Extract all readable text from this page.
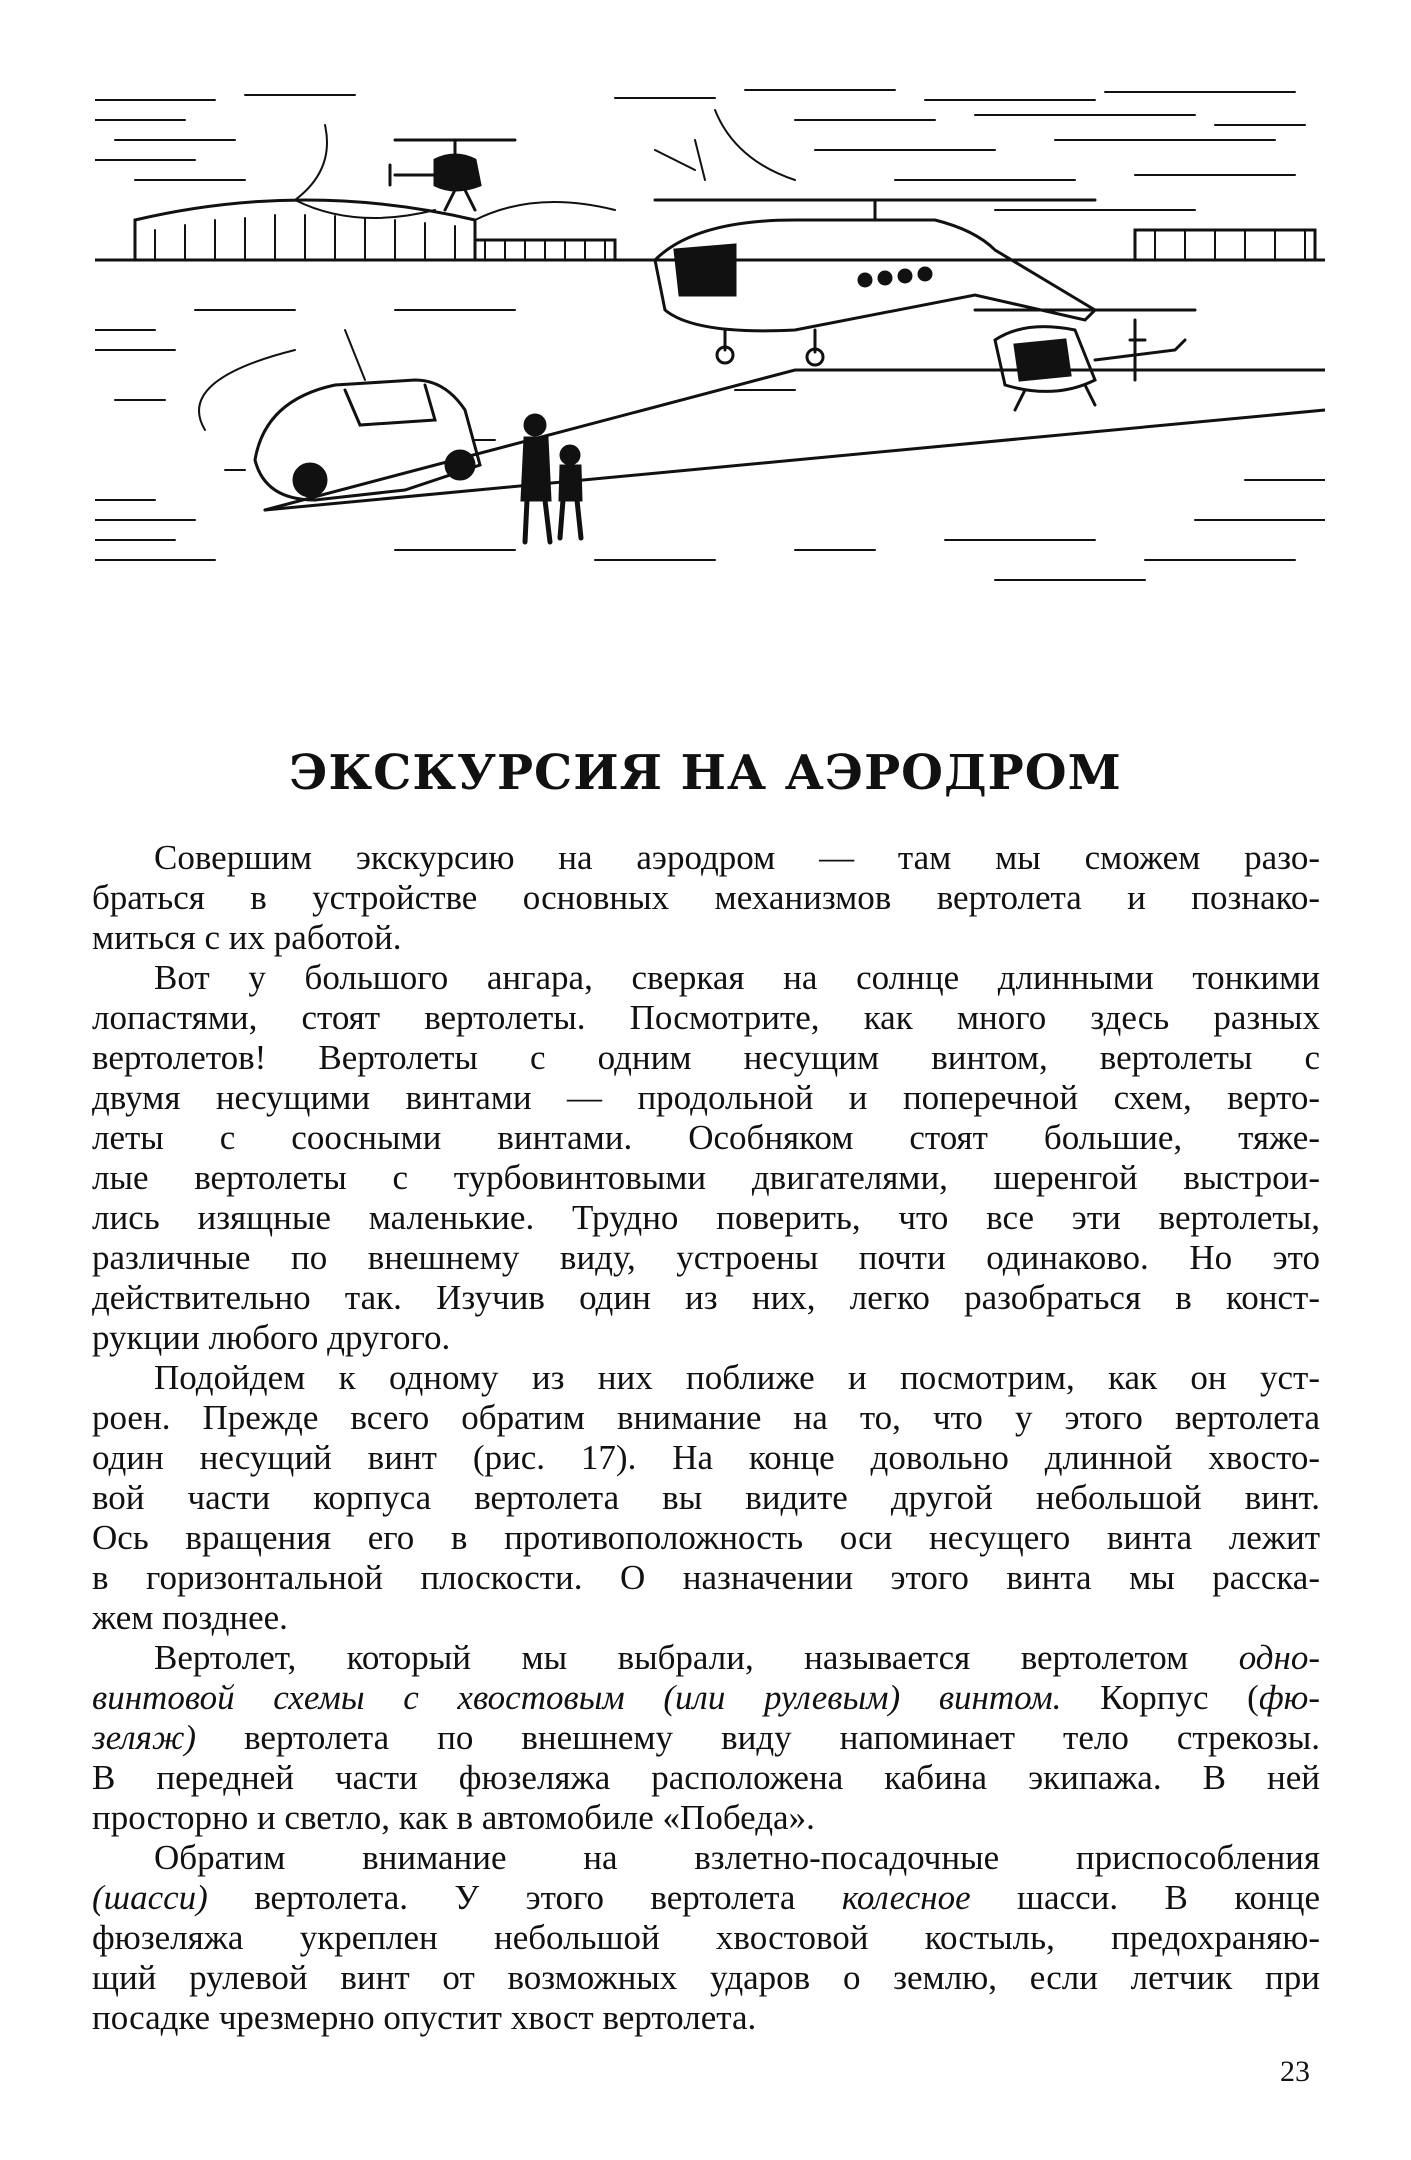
ЭКСКУРСИЯ НА АЭРОДРОМ
Совершим экскурсию на аэродром — там мы сможем разо-
браться в устройстве основных механизмов вертолета и познако-
миться с их работой.
Вот у большого ангара, сверкая на солнце длинными тонкими
лопастями, стоят вертолеты. Посмотрите, как много здесь разных
вертолетов! Вертолеты с одним несущим винтом, вертолеты с
двумя несущими винтами — продольной и поперечной схем, верто-
леты с соосными винтами. Особняком стоят большие, тяже-
лые вертолеты с турбовинтовыми двигателями, шеренгой выстрои-
лись изящные маленькие. Трудно поверить, что все эти вертолеты,
различные по внешнему виду, устроены почти одинаково. Но это
действительно так. Изучив один из них, легко разобраться в конст-
рукции любого другого.
Подойдем к одному из них поближе и посмотрим, как он уст-
роен. Прежде всего обратим внимание на то, что у этого вертолета
один несущий винт (рис. 17). На конце довольно длинной хвосто-
вой части корпуса вертолета вы видите другой небольшой винт.
Ось вращения его в противоположность оси несущего винта лежит
в горизонтальной плоскости. О назначении этого винта мы расска-
жем позднее.
Вертолет, который мы выбрали, называется вертолетом одно-
винтовой схемы с хвостовым (или рулевым) винтом. Корпус (фю-
зеляж) вертолета по внешнему виду напоминает тело стрекозы.
В передней части фюзеляжа расположена кабина экипажа. В ней
просторно и светло, как в автомобиле «Победа».
Обратим внимание на взлетно-посадочные приспособления
(шасси) вертолета. У этого вертолета колесное шасси. В конце
фюзеляжа укреплен небольшой хвостовой костыль, предохраняю-
щий рулевой винт от возможных ударов о землю, если летчик при
посадке чрезмерно опустит хвост вертолета.
23
